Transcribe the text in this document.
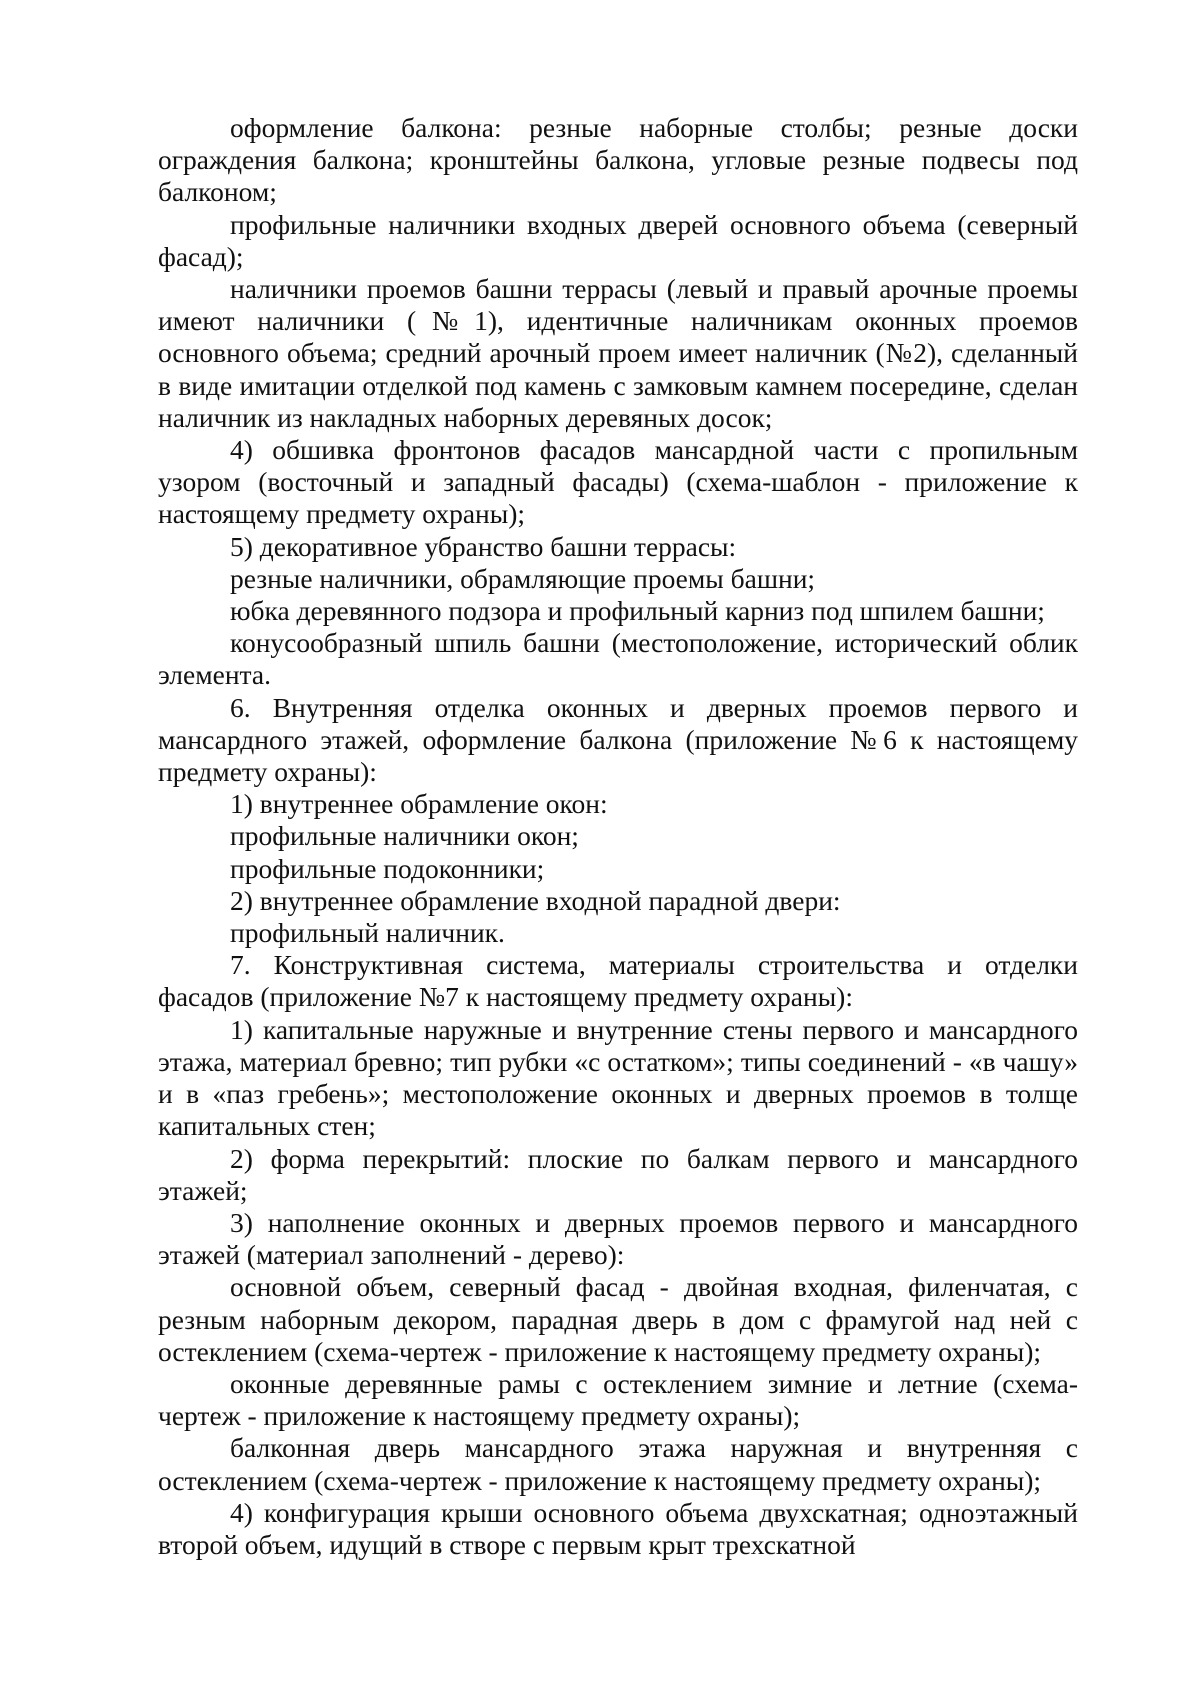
оформление балкона: резные наборные столбы; резные доски ограждения балкона; кронштейны балкона, угловые резные подвесы под балконом;

профильные наличники входных дверей основного объема (северный фасад);

наличники проемов башни террасы (левый и правый арочные проемы имеют наличники (№1), идентичные наличникам оконных проемов основного объема; средний арочный проем имеет наличник (№2), сделанный в виде имитации отделкой под камень с замковым камнем посередине, сделан наличник из накладных наборных деревяных досок;

4) обшивка фронтонов фасадов мансардной части с пропильным узором (восточный и западный фасады) (схема-шаблон - приложение к настоящему предмету охраны);

5) декоративное убранство башни террасы:

резные наличники, обрамляющие проемы башни;

юбка деревянного подзора и профильный карниз под шпилем башни;

конусообразный шпиль башни (местоположение, исторический облик элемента.

6. Внутренняя отделка оконных и дверных проемов первого и мансардного этажей, оформление балкона (приложение №6 к настоящему предмету охраны):

1) внутреннее обрамление окон:

профильные наличники окон;

профильные подоконники;

2) внутреннее обрамление входной парадной двери:

профильный наличник.

7. Конструктивная система, материалы строительства и отделки фасадов (приложение №7 к настоящему предмету охраны):

1) капитальные наружные и внутренние стены первого и мансардного этажа, материал бревно; тип рубки «с остатком»; типы соединений - «в чашу» и в «паз гребень»; местоположение оконных и дверных проемов в толще капитальных стен;

2) форма перекрытий: плоские по балкам первого и мансардного этажей;

3) наполнение оконных и дверных проемов первого и мансардного этажей (материал заполнений - дерево):

основной объем, северный фасад - двойная входная, филенчатая, с резным наборным декором, парадная дверь в дом с фрамугой над ней с остеклением (схема-чертеж - приложение к настоящему предмету охраны);

оконные деревянные рамы с остеклением зимние и летние (схема-чертеж - приложение к настоящему предмету охраны);

балконная дверь мансардного этажа наружная и внутренняя с остеклением (схема-чертеж - приложение к настоящему предмету охраны);

4) конфигурация крыши основного объема двухскатная; одноэтажный второй объем, идущий в створе с первым крыт трехскатной
